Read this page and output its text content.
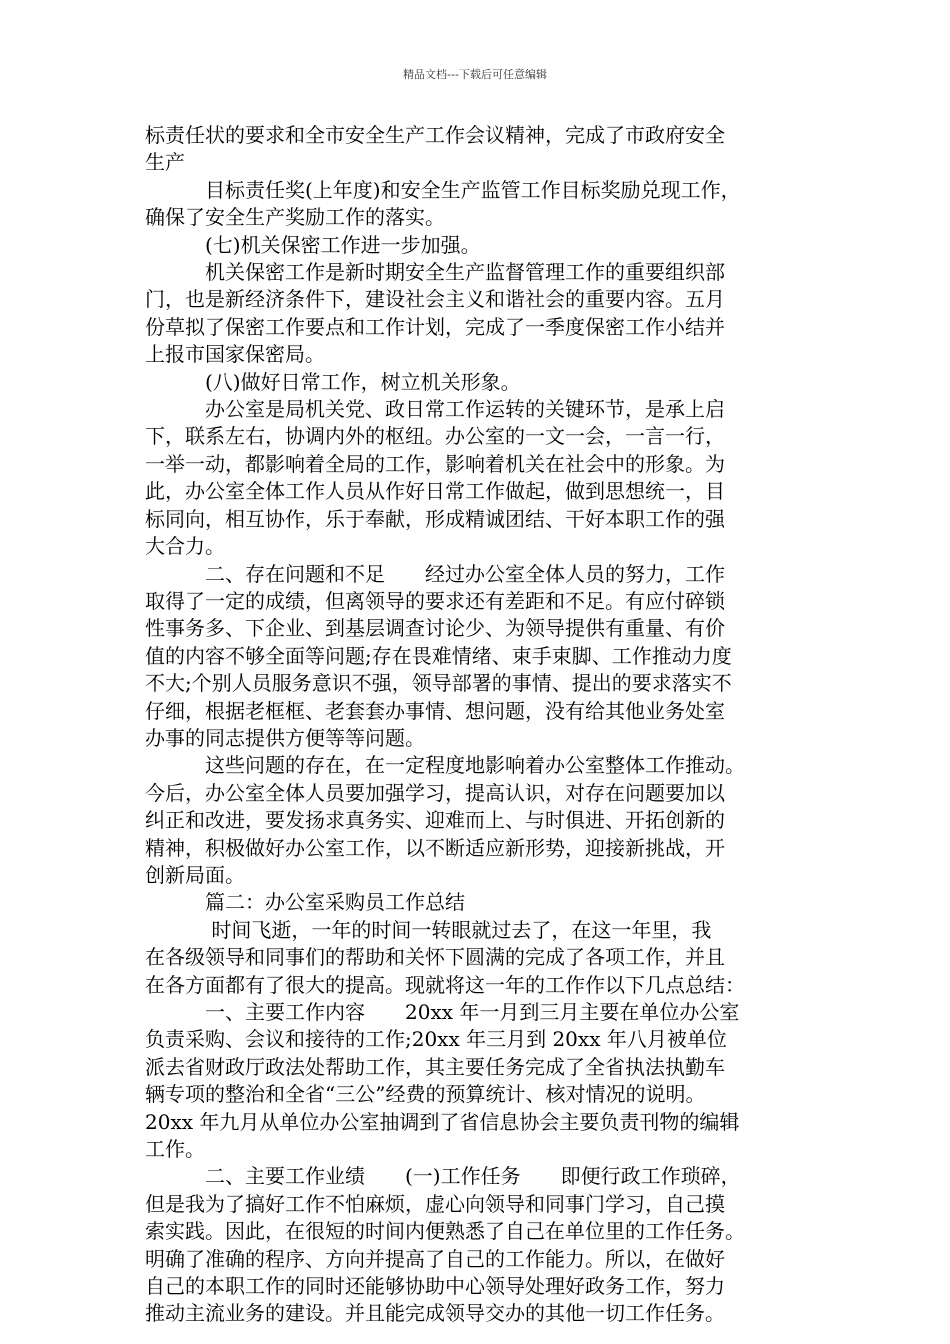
精品文档---下载后可任意编辑

标责任状的要求和全市安全生产工作会议精神，完成了市政府安全

生产

　　　目标责任奖(上年度)和安全生产监管工作目标奖励兑现工作，

确保了安全生产奖励工作的落实。

　　　(七)机关保密工作进一步加强。

　　　机关保密工作是新时期安全生产监督管理工作的重要组织部

门，也是新经济条件下，建设社会主义和谐社会的重要内容。五月

份草拟了保密工作要点和工作计划，完成了一季度保密工作小结并

上报市国家保密局。

　　　(八)做好日常工作，树立机关形象。

　　　办公室是局机关党、政日常工作运转的关键环节，是承上启

下，联系左右，协调内外的枢纽。办公室的一文一会，一言一行，

一举一动，都影响着全局的工作，影响着机关在社会中的形象。为

此，办公室全体工作人员从作好日常工作做起，做到思想统一，目

标同向，相互协作，乐于奉献，形成精诚团结、干好本职工作的强

大合力。

　　　二、存在问题和不足　　经过办公室全体人员的努力，工作

取得了一定的成绩，但离领导的要求还有差距和不足。有应付碎锁

性事务多、下企业、到基层调查讨论少、为领导提供有重量、有价

值的内容不够全面等问题;存在畏难情绪、束手束脚、工作推动力度

不大;个别人员服务意识不强，领导部署的事情、提出的要求落实不

仔细，根据老框框、老套套办事情、想问题，没有给其他业务处室

办事的同志提供方便等等问题。

　　　这些问题的存在，在一定程度地影响着办公室整体工作推动。

今后，办公室全体人员要加强学习，提高认识，对存在问题要加以

纠正和改进，要发扬求真务实、迎难而上、与时俱进、开拓创新的

精神，积极做好办公室工作，以不断适应新形势，迎接新挑战，开

创新局面。

　　　篇二：办公室采购员工作总结

　　　 时间飞逝，一年的时间一转眼就过去了，在这一年里，我

在各级领导和同事们的帮助和关怀下圆满的完成了各项工作，并且

在各方面都有了很大的提高。现就将这一年的工作作以下几点总结：

　　　一、主要工作内容　　20xx 年一月到三月主要在单位办公室

负责采购、会议和接待的工作;20xx 年三月到 20xx 年八月被单位

派去省财政厅政法处帮助工作，其主要任务完成了全省执法执勤车

辆专项的整治和全省“三公”经费的预算统计、核对情况的说明。

20xx 年九月从单位办公室抽调到了省信息协会主要负责刊物的编辑

工作。

　　　二、主要工作业绩　　(一)工作任务　　即便行政工作琐碎，

但是我为了搞好工作不怕麻烦，虚心向领导和同事门学习，自己摸

索实践。因此，在很短的时间内便熟悉了自己在单位里的工作任务。

明确了准确的程序、方向并提高了自己的工作能力。所以，在做好

自己的本职工作的同时还能够协助中心领导处理好政务工作，努力

推动主流业务的建设。并且能完成领导交办的其他一切工作任务。
